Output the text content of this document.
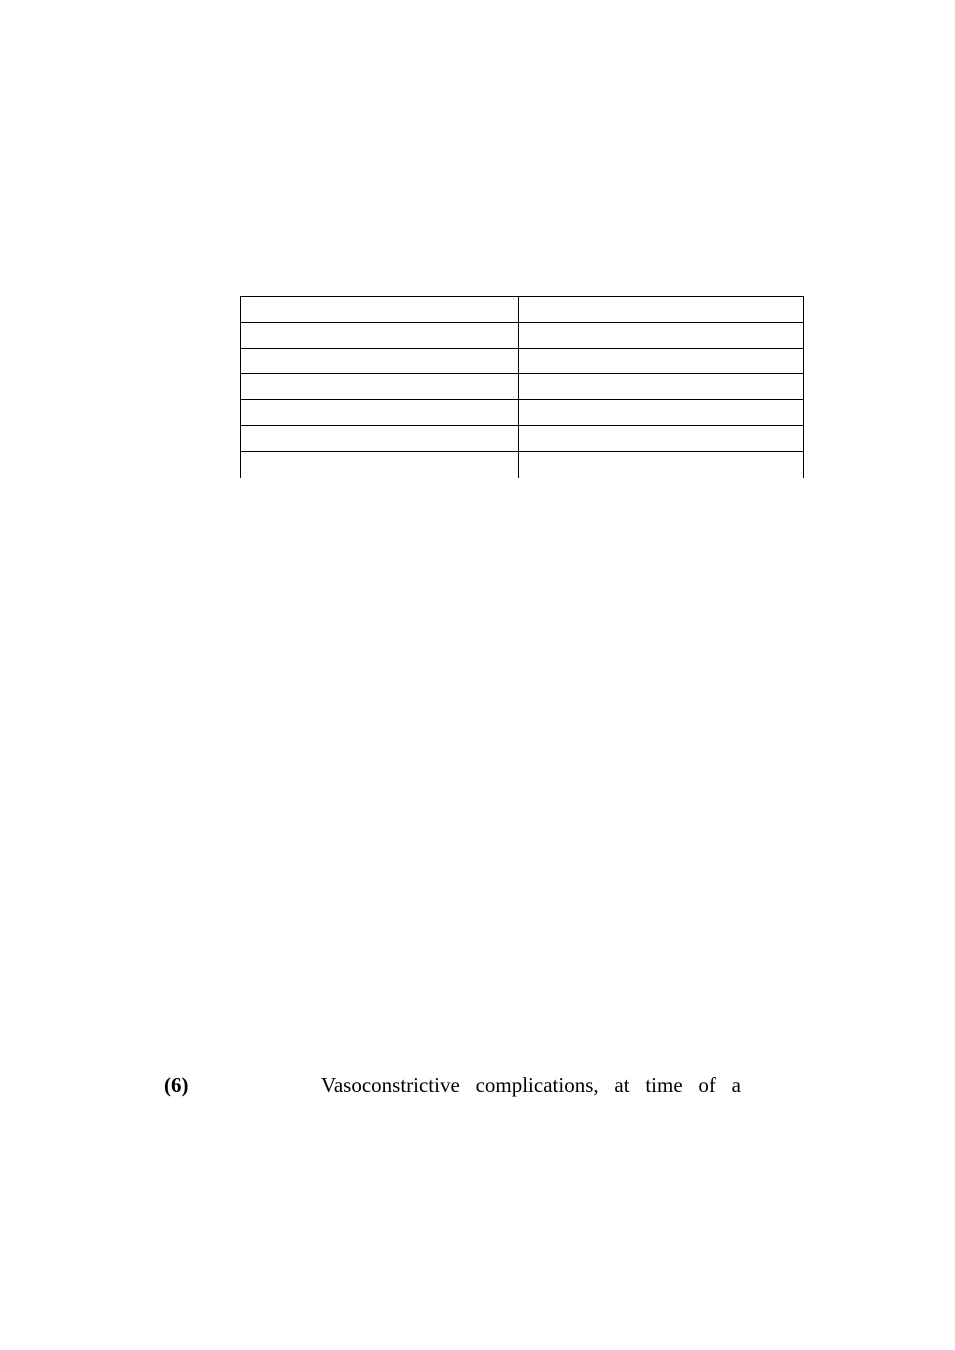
(6)	Vasoconstrictive complications, at time of a
